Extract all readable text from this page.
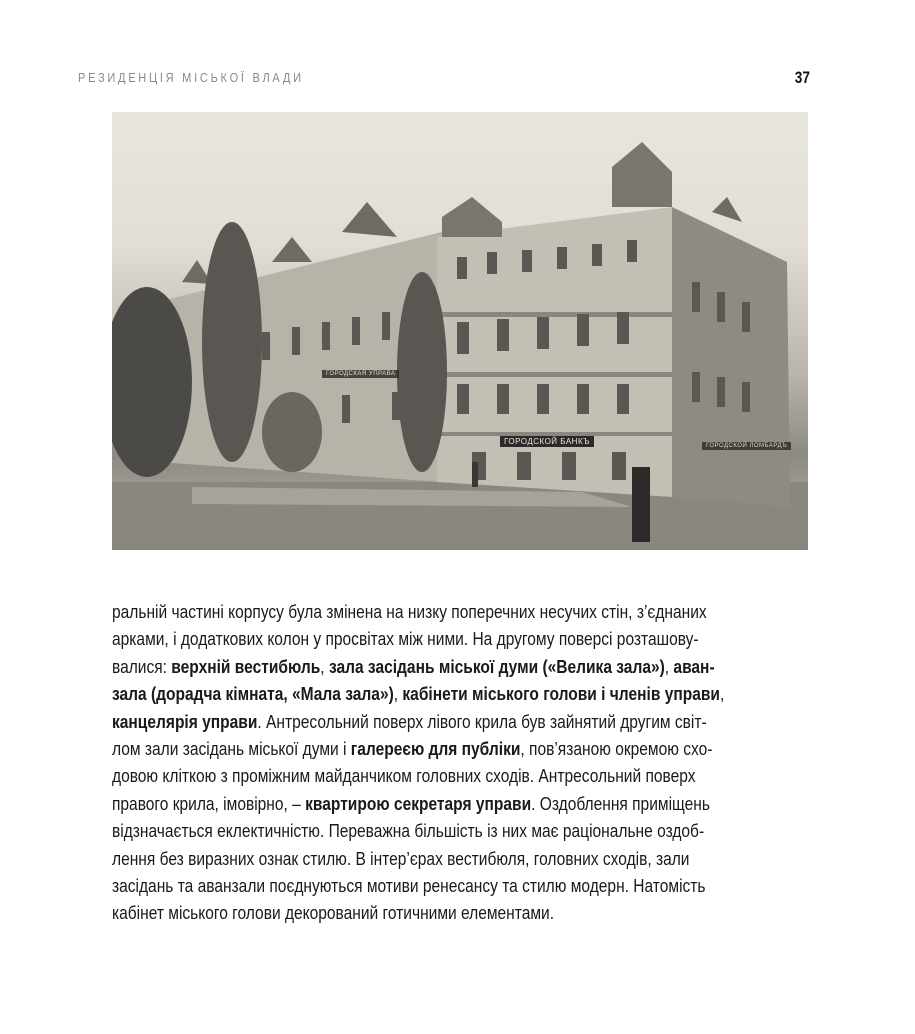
РЕЗИДЕНЦІЯ МІСЬКОЇ ВЛАДИ	37
ГОРОДСКОЙ БАНКЪ
ГОРОДСКАЯ УПРАВА
ГОРОДСКОЙ ЛОМБАРДЪ
ральній частині корпусу була змінена на низку поперечних несучих стін, з’єднаних
арками, і додаткових колон у просвітах між ними. На другому поверсі розташову-
валися: верхній вестибюль, зала засідань міської думи («Велика зала»), аван-
зала (дорадча кімната, «Мала зала»), кабінети міського голови і членів управи,
канцелярія управи. Антресольний поверх лівого крила був зайнятий другим світ-
лом зали засідань міської думи і галереєю для публіки, пов’язаною окремою схо-
довою кліткою з проміжним майданчиком головних сходів. Антресольний поверх
правого крила, імовірно, – квартирою секретаря управи. Оздоблення приміщень
відзначається еклектичністю. Переважна більшість із них має раціональне оздоб-
лення без виразних ознак стилю. В інтер’єрах вестибюля, головних сходів, зали
засідань та аванзали поєднуються мотиви ренесансу та стилю модерн. Натомість
кабінет міського голови декорований готичними елементами.
